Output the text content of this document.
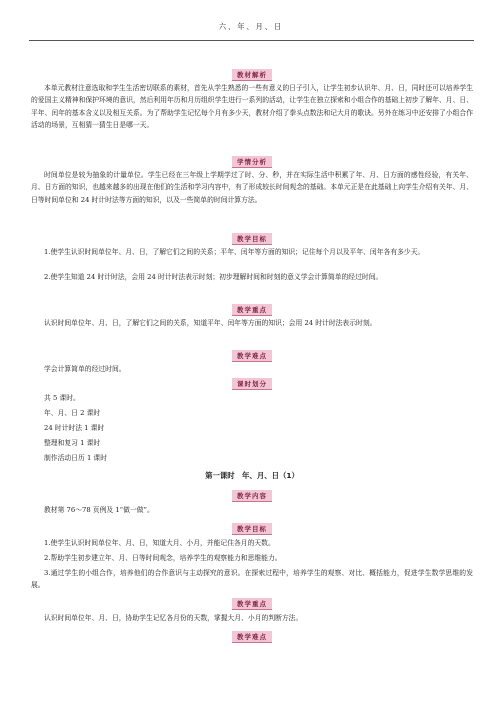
六、年、月、日
教材解析
本单元教材注意选取和学生生活密切联系的素材，首先从学生熟悉的一些有意义的日子引入，让学生初步认识年、月、日，同时还可以培养学生的爱国主义精神和保护环境的意识，然后利用年历和月历组织学生进行一系列的活动，让学生在独立探索和小组合作的基础上初步了解年、月、日、平年、闰年的基本含义以及相互关系。为了帮助学生记忆每个月有多少天，教材介绍了拳头点数法和记大月的歌诀。另外在练习中还安排了小组合作活动的场景，互相猜一猜生日是哪一天。
学情分析
时间单位是较为抽象的计量单位。学生已经在三年级上学期学过了时、分、秒，并在实际生活中积累了年、月、日方面的感性经验，有关年、月、日方面的知识，也越来越多的出现在他们的生活和学习内容中，有了形成较长时间观念的基础。本单元正是在此基础上向学生介绍有关年、月、日等时间单位和 24 时计时法等方面的知识，以及一些简单的时间计算方法。
教学目标
1.使学生认识时间单位年、月、日，了解它们之间的关系；平年、闰年等方面的知识；记住每个月以及平年、闰年各有多少天。
2.使学生知道 24 时计时法，会用 24 时计时法表示时刻；初步理解时间和时刻的意义学会计算简单的经过时间。
教学重点
认识时间单位年、月、日，了解它们之间的关系，知道平年、闰年等方面的知识；会用 24 时计时法表示时刻。
教学难点
学会计算简单的经过时间。
课时划分
共 5 课时。
年、月、日 2 课时
24 时计时法 1 课时
整理和复习 1 课时
制作活动日历 1 课时
第一课时　年、月、日（1）
教学内容
教材第 76～78 页例及 1“做一做”。
教学目标
1.使学生认识时间单位年、月、日，知道大月、小月，并能记住各月的天数。
2.帮助学生初步建立年、月、日等时间观念，培养学生的观察能力和思维能力。
3.通过学生的小组合作，培养他们的合作意识与主动探究的意识。在探索过程中，培养学生的观察、对比、概括能力，促进学生数学思维的发展。
教学重点
认识时间单位年、月、日，协助学生记忆各月份的天数，掌握大月、小月的判断方法。
教学难点
